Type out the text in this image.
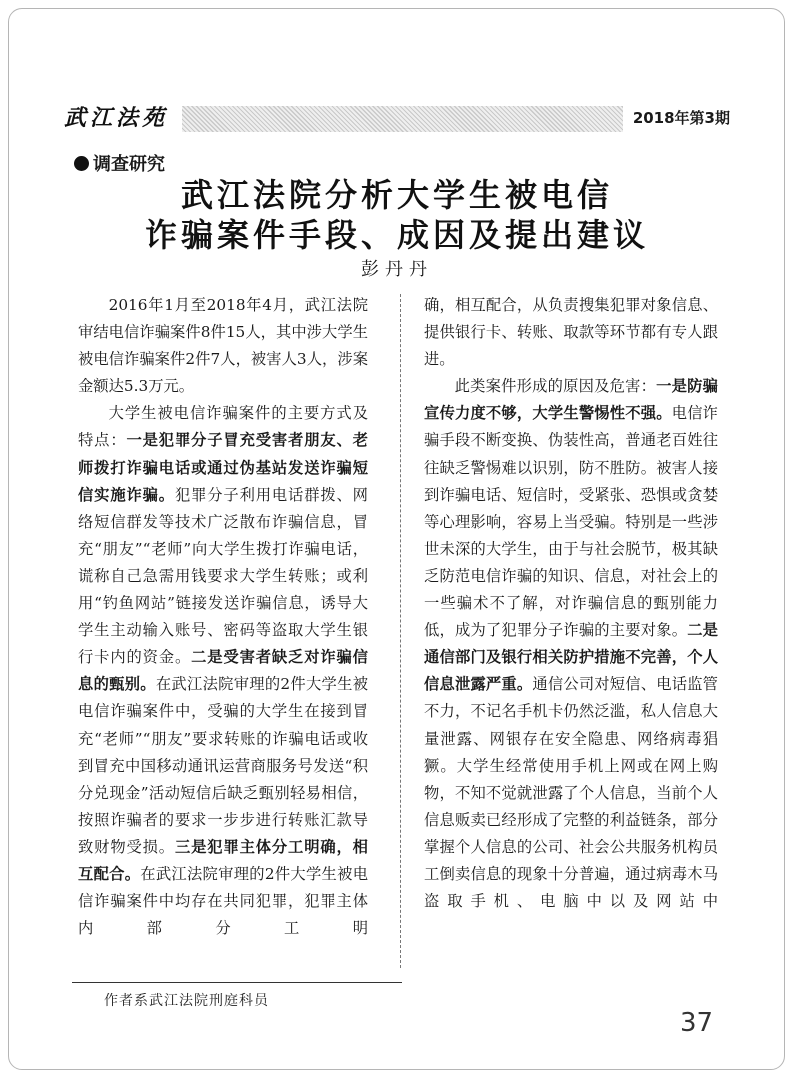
武江法苑	2018年第3期
调查研究
武江法院分析大学生被电信
诈骗案件手段、成因及提出建议
彭丹丹

2016年1月至2018年4月，武江法院审结电信诈骗案件8件15人，其中涉大学生被电信诈骗案件2件7人，被害人3人，涉案金额达5.3万元。

大学生被电信诈骗案件的主要方式及特点：一是犯罪分子冒充受害者朋友、老师拨打诈骗电话或通过伪基站发送诈骗短信实施诈骗。犯罪分子利用电话群拨、网络短信群发等技术广泛散布诈骗信息，冒充“朋友”“老师”向大学生拨打诈骗电话，谎称自己急需用钱要求大学生转账；或利用“钓鱼网站”链接发送诈骗信息，诱导大学生主动输入账号、密码等盗取大学生银行卡内的资金。二是受害者缺乏对诈骗信息的甄别。在武江法院审理的2件大学生被电信诈骗案件中，受骗的大学生在接到冒充“老师”“朋友”要求转账的诈骗电话或收到冒充中国移动通讯运营商服务号发送“积分兑现金”活动短信后缺乏甄别轻易相信，按照诈骗者的要求一步步进行转账汇款导致财物受损。三是犯罪主体分工明确，相互配合。在武江法院审理的2件大学生被电信诈骗案件中均存在共同犯罪，犯罪主体内部分工明

确，相互配合，从负责搜集犯罪对象信息、提供银行卡、转账、取款等环节都有专人跟进。

此类案件形成的原因及危害：一是防骗宣传力度不够，大学生警惕性不强。电信诈骗手段不断变换、伪装性高，普通老百姓往往缺乏警惕难以识别，防不胜防。被害人接到诈骗电话、短信时，受紧张、恐惧或贪婪等心理影响，容易上当受骗。特别是一些涉世未深的大学生，由于与社会脱节，极其缺乏防范电信诈骗的知识、信息，对社会上的一些骗术不了解，对诈骗信息的甄别能力低，成为了犯罪分子诈骗的主要对象。二是通信部门及银行相关防护措施不完善，个人信息泄露严重。通信公司对短信、电话监管不力，不记名手机卡仍然泛滥，私人信息大量泄露、网银存在安全隐患、网络病毒猖獗。大学生经常使用手机上网或在网上购物，不知不觉就泄露了个人信息，当前个人信息贩卖已经形成了完整的利益链条，部分掌握个人信息的公司、社会公共服务机构员工倒卖信息的现象十分普遍，通过病毒木马盗取手机、电脑中以及网站中

作者系武江法院刑庭科员
37
